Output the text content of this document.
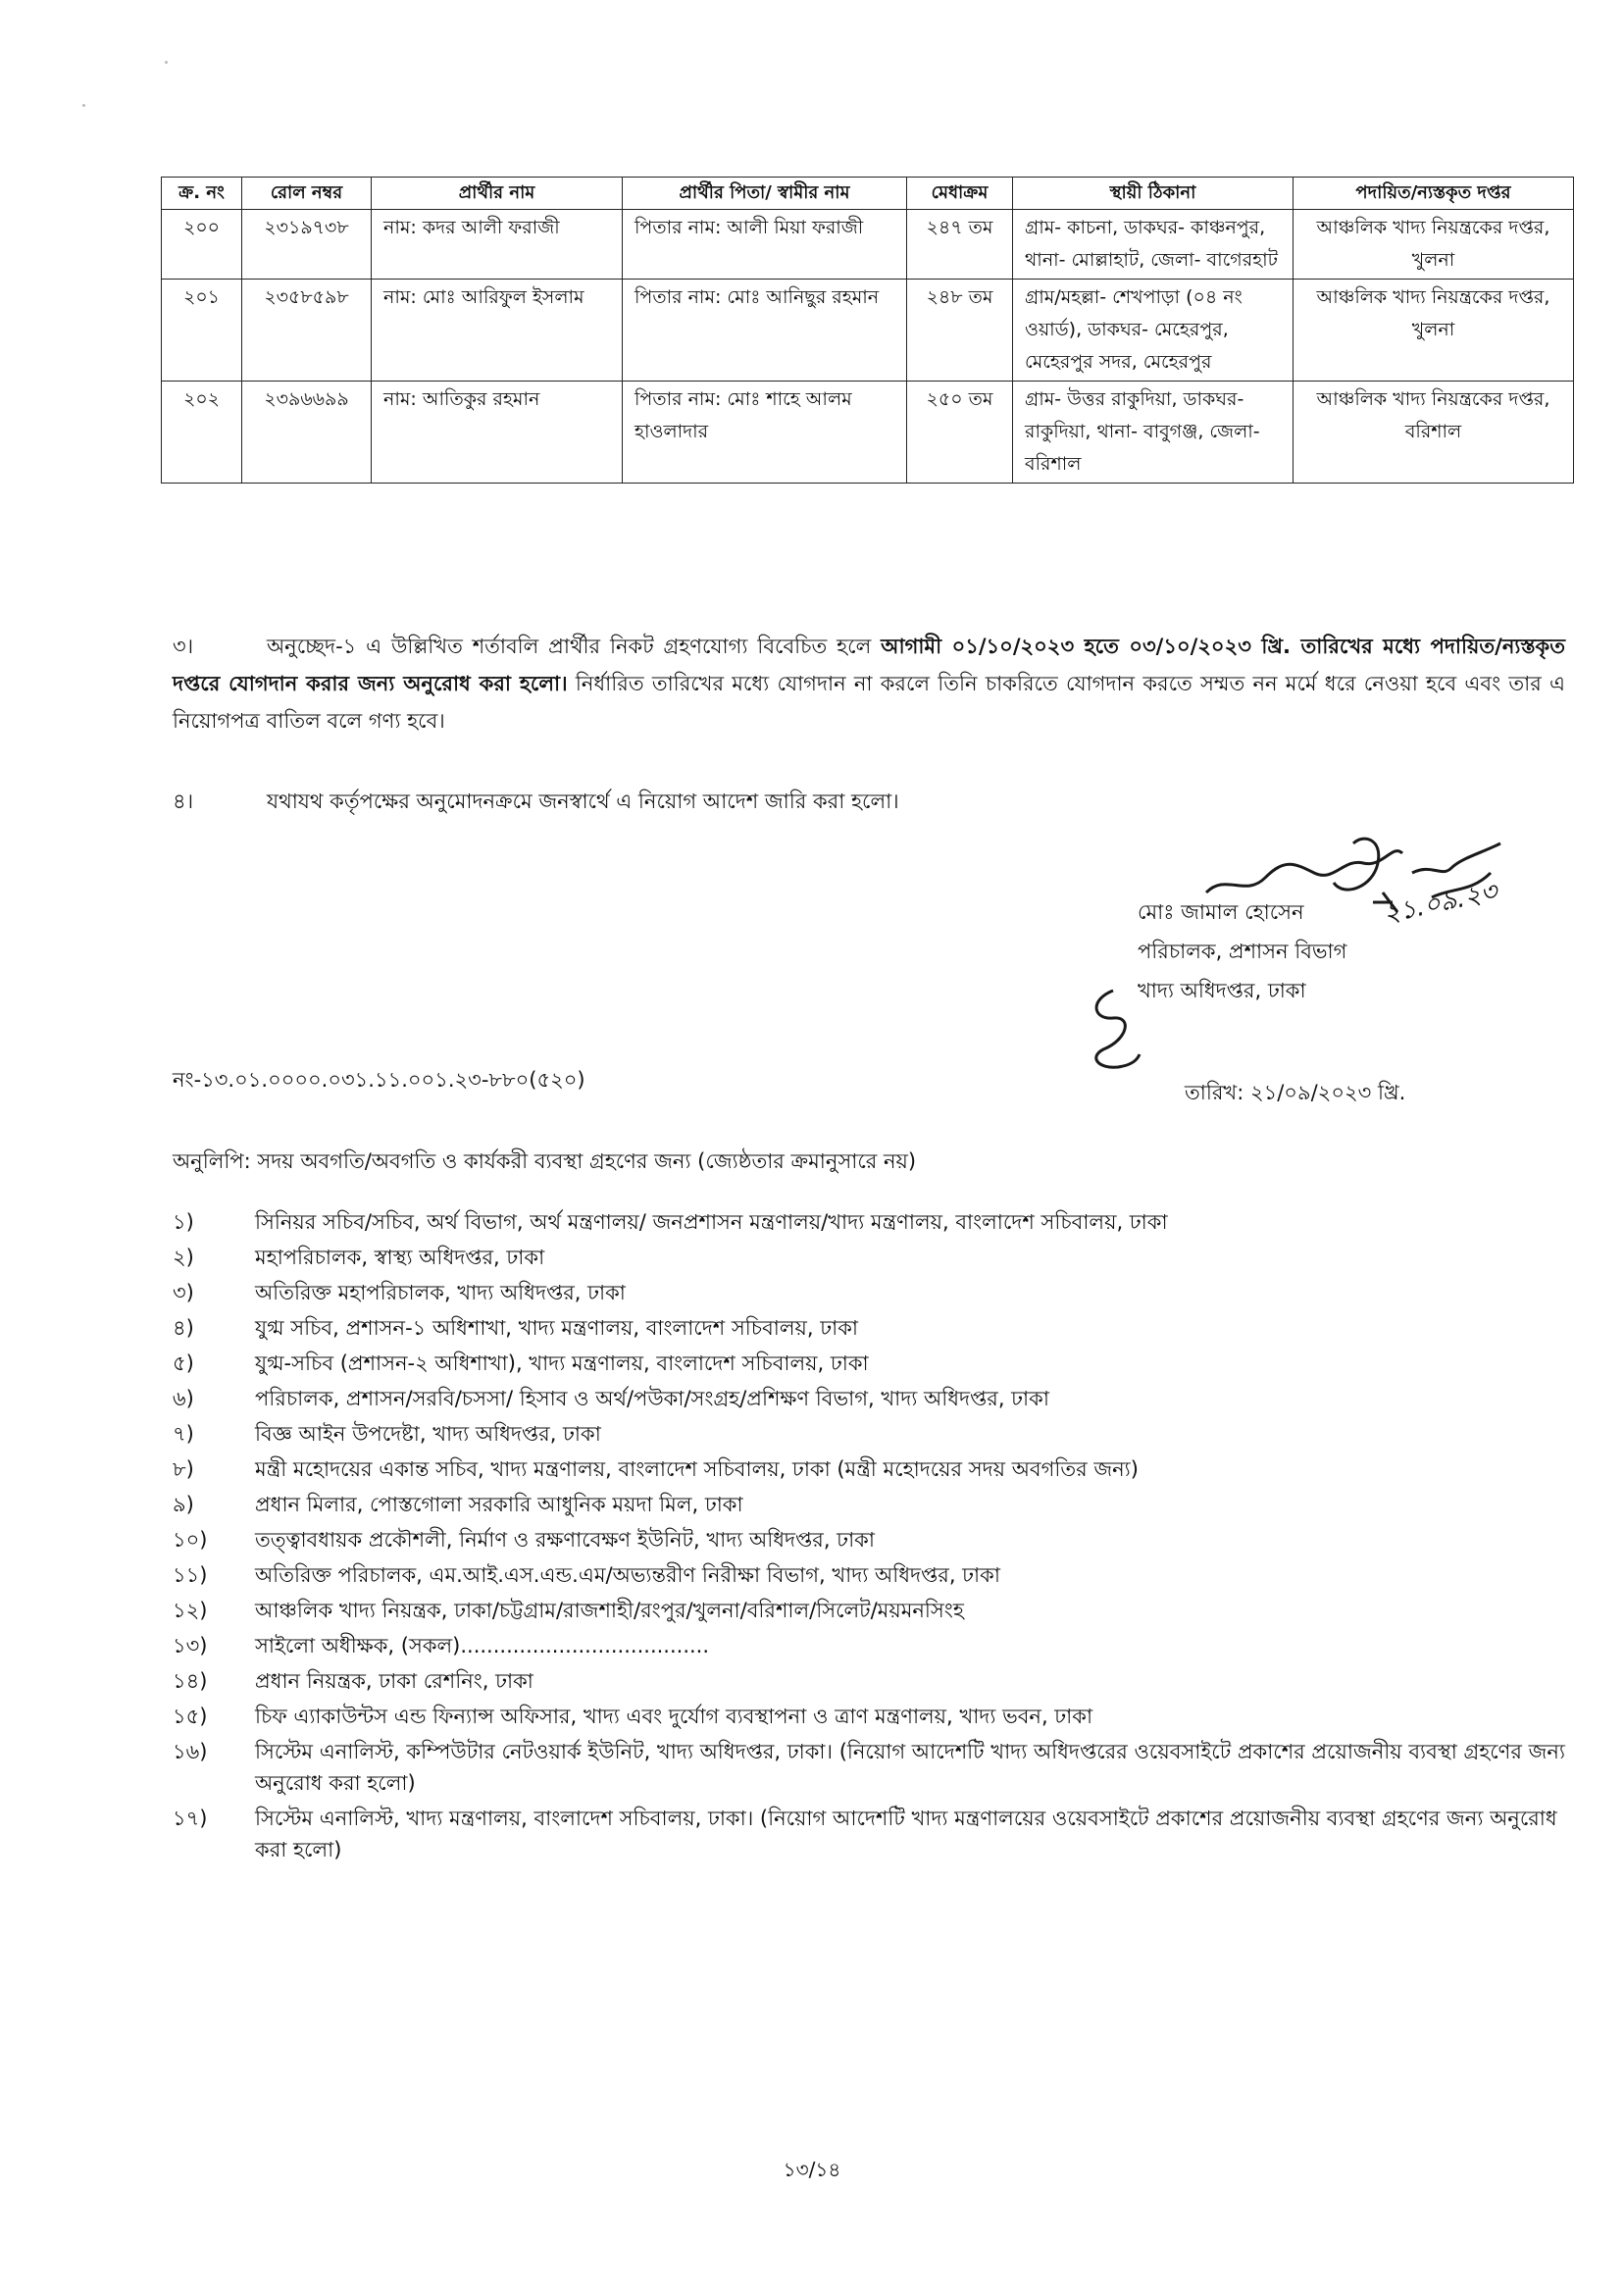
ক্র. নং	রোল নম্বর	প্রার্থীর নাম	প্রার্থীর পিতা/ স্বামীর নাম	মেধাক্রম	স্থায়ী ঠিকানা	পদায়িত/ন্যস্তকৃত দপ্তর
২০০	২৩১৯৭৩৮	নাম: কদর আলী ফরাজী	পিতার নাম: আলী মিয়া ফরাজী	২৪৭ তম	গ্রাম- কাচনা, ডাকঘর- কাঞ্চনপুর, থানা- মোল্লাহাট, জেলা- বাগেরহাট	আঞ্চলিক খাদ্য নিয়ন্ত্রকের দপ্তর, খুলনা
২০১	২৩৫৮৫৯৮	নাম: মোঃ আরিফুল ইসলাম	পিতার নাম: মোঃ আনিছুর রহমান	২৪৮ তম	গ্রাম/মহল্লা- শেখপাড়া (০৪ নং ওয়ার্ড), ডাকঘর- মেহেরপুর, মেহেরপুর সদর, মেহেরপুর	আঞ্চলিক খাদ্য নিয়ন্ত্রকের দপ্তর, খুলনা
২০২	২৩৯৬৬৯৯	নাম: আতিকুর রহমান	পিতার নাম: মোঃ শাহে আলম হাওলাদার	২৫০ তম	গ্রাম- উত্তর রাকুদিয়া, ডাকঘর- রাকুদিয়া, থানা- বাবুগঞ্জ, জেলা- বরিশাল	আঞ্চলিক খাদ্য নিয়ন্ত্রকের দপ্তর, বরিশাল
৩।	অনুচ্ছেদ-১ এ উল্লিখিত শর্তাবলি প্রার্থীর নিকট গ্রহণযোগ্য বিবেচিত হলে আগামী ০১/১০/২০২৩ হতে ০৩/১০/২০২৩ খ্রি. তারিখের মধ্যে পদায়িত/ন্যস্তকৃত দপ্তরে যোগদান করার জন্য অনুরোধ করা হলো। নির্ধারিত তারিখের মধ্যে যোগদান না করলে তিনি চাকরিতে যোগদান করতে সম্মত নন মর্মে ধরে নেওয়া হবে এবং তার এ নিয়োগপত্র বাতিল বলে গণ্য হবে।
৪।	যথাযথ কর্তৃপক্ষের অনুমোদনক্রমে জনস্বার্থে এ নিয়োগ আদেশ জারি করা হলো।
মোঃ জামাল হোসেন
পরিচালক, প্রশাসন বিভাগ
খাদ্য অধিদপ্তর, ঢাকা
২১.০৯.২৩
নং-১৩.০১.০০০০.০৩১.১১.০০১.২৩-৮৮০(৫২০)
তারিখ: ২১/০৯/২০২৩ খ্রি.
অনুলিপি: সদয় অবগতি/অবগতি ও কার্যকরী ব্যবস্থা গ্রহণের জন্য (জ্যেষ্ঠতার ক্রমানুসারে নয়)
১)	সিনিয়র সচিব/সচিব, অর্থ বিভাগ, অর্থ মন্ত্রণালয়/ জনপ্রশাসন মন্ত্রণালয়/খাদ্য মন্ত্রণালয়, বাংলাদেশ সচিবালয়, ঢাকা
২)	মহাপরিচালক, স্বাস্থ্য অধিদপ্তর, ঢাকা
৩)	অতিরিক্ত মহাপরিচালক, খাদ্য অধিদপ্তর, ঢাকা
৪)	যুগ্ম সচিব, প্রশাসন-১ অধিশাখা, খাদ্য মন্ত্রণালয়, বাংলাদেশ সচিবালয়, ঢাকা
৫)	যুগ্ম-সচিব (প্রশাসন-২ অধিশাখা), খাদ্য মন্ত্রণালয়, বাংলাদেশ সচিবালয়, ঢাকা
৬)	পরিচালক, প্রশাসন/সরবি/চসসা/ হিসাব ও অর্থ/পউকা/সংগ্রহ/প্রশিক্ষণ বিভাগ, খাদ্য অধিদপ্তর, ঢাকা
৭)	বিজ্ঞ আইন উপদেষ্টা, খাদ্য অধিদপ্তর, ঢাকা
৮)	মন্ত্রী মহোদয়ের একান্ত সচিব, খাদ্য মন্ত্রণালয়, বাংলাদেশ সচিবালয়, ঢাকা (মন্ত্রী মহোদয়ের সদয় অবগতির জন্য)
৯)	প্রধান মিলার, পোস্তগোলা সরকারি আধুনিক ময়দা মিল, ঢাকা
১০)	তত্ত্বাবধায়ক প্রকৌশলী, নির্মাণ ও রক্ষণাবেক্ষণ ইউনিট, খাদ্য অধিদপ্তর, ঢাকা
১১)	অতিরিক্ত পরিচালক, এম.আই.এস.এন্ড.এম/অভ্যন্তরীণ নিরীক্ষা বিভাগ, খাদ্য অধিদপ্তর, ঢাকা
১২)	আঞ্চলিক খাদ্য নিয়ন্ত্রক, ঢাকা/চট্টগ্রাম/রাজশাহী/রংপুর/খুলনা/বরিশাল/সিলেট/ময়মনসিংহ
১৩)	সাইলো অধীক্ষক, (সকল)......................................
১৪)	প্রধান নিয়ন্ত্রক, ঢাকা রেশনিং, ঢাকা
১৫)	চিফ এ্যাকাউন্টস এন্ড ফিন্যান্স অফিসার, খাদ্য এবং দুর্যোগ ব্যবস্থাপনা ও ত্রাণ মন্ত্রণালয়, খাদ্য ভবন, ঢাকা
১৬)	সিস্টেম এনালিস্ট, কম্পিউটার নেটওয়ার্ক ইউনিট, খাদ্য অধিদপ্তর, ঢাকা। (নিয়োগ আদেশটি খাদ্য অধিদপ্তরের ওয়েবসাইটে প্রকাশের প্রয়োজনীয় ব্যবস্থা গ্রহণের জন্য অনুরোধ করা হলো)
১৭)	সিস্টেম এনালিস্ট, খাদ্য মন্ত্রণালয়, বাংলাদেশ সচিবালয়, ঢাকা। (নিয়োগ আদেশটি খাদ্য মন্ত্রণালয়ের ওয়েবসাইটে প্রকাশের প্রয়োজনীয় ব্যবস্থা গ্রহণের জন্য অনুরোধ করা হলো)
১৩/১৪
